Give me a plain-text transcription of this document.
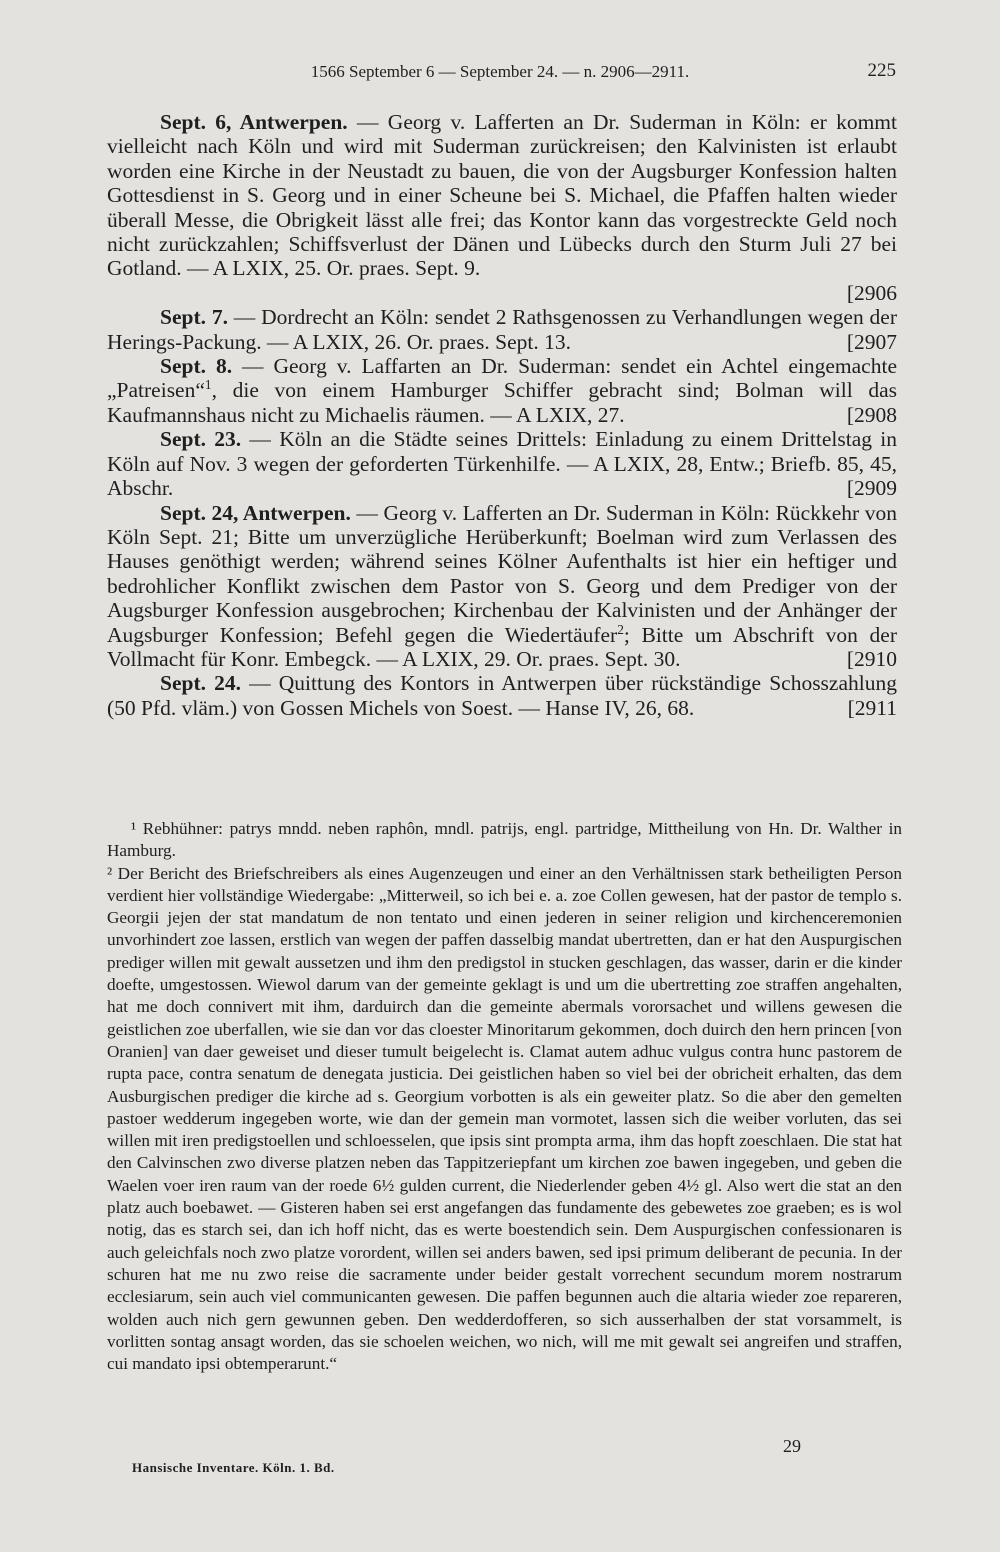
1566 September 6 — September 24. — n. 2906—2911.	225

Sept. 6, Antwerpen. — Georg v. Lafferten an Dr. Suderman in Köln: er kommt vielleicht nach Köln und wird mit Suderman zurückreisen; den Kalvinisten ist erlaubt worden eine Kirche in der Neustadt zu bauen, die von der Augsburger Konfession halten Gottesdienst in S. Georg und in einer Scheune bei S. Michael, die Pfaffen halten wieder überall Messe, die Obrigkeit lässt alle frei; das Kontor kann das vorgestreckte Geld noch nicht zurückzahlen; Schiffsverlust der Dänen und Lübecks durch den Sturm Juli 27 bei Gotland. — A LXIX, 25. Or. praes. Sept. 9.
[2906

Sept. 7. — Dordrecht an Köln: sendet 2 Rathsgenossen zu Verhandlungen wegen der Herings-Packung. — A LXIX, 26. Or. praes. Sept. 13.	[2907

Sept. 8. — Georg v. Laffarten an Dr. Suderman: sendet ein Achtel eingemachte „Patreisen“$^1$, die von einem Hamburger Schiffer gebracht sind; Bolman will das Kaufmannshaus nicht zu Michaelis räumen. — A LXIX, 27.	[2908

Sept. 23. — Köln an die Städte seines Drittels: Einladung zu einem Drittelstag in Köln auf Nov. 3 wegen der geforderten Türkenhilfe. — A LXIX, 28, Entw.; Briefb. 85, 45, Abschr.	[2909

Sept. 24, Antwerpen. — Georg v. Lafferten an Dr. Suderman in Köln: Rückkehr von Köln Sept. 21; Bitte um unverzügliche Herüberkunft; Boelman wird zum Verlassen des Hauses genöthigt werden; während seines Kölner Aufenthalts ist hier ein heftiger und bedrohlicher Konflikt zwischen dem Pastor von S. Georg und dem Prediger von der Augsburger Konfession ausgebrochen; Kirchenbau der Kalvinisten und der Anhänger der Augsburger Konfession; Befehl gegen die Wiedertäufer$^2$; Bitte um Abschrift von der Vollmacht für Konr. Embegck. — A LXIX, 29. Or. praes. Sept. 30.	[2910

Sept. 24. — Quittung des Kontors in Antwerpen über rückständige Schosszahlung (50 Pfd. vläm.) von Gossen Michels von Soest. — Hanse IV, 26, 68.	[2911

¹ Rebhühner: patrys mndd. neben raphôn, mndl. patrijs, engl. partridge, Mittheilung von Hn. Dr. Walther in Hamburg.

² Der Bericht des Briefschreibers als eines Augenzeugen und einer an den Verhältnissen stark betheiligten Person verdient hier vollständige Wiedergabe: „Mitterweil, so ich bei e. a. zoe Collen gewesen, hat der pastor de templo s. Georgii jejen der stat mandatum de non tentato und einen jederen in seiner religion und kirchenceremonien unvorhindert zoe lassen, erstlich van wegen der paffen dasselbig mandat ubertretten, dan er hat den Auspurgischen prediger willen mit gewalt aussetzen und ihm den predigstol in stucken geschlagen, das wasser, darin er die kinder doefte, umgestossen. Wiewol darum van der gemeinte geklagt is und um die ubertretting zoe straffen angehalten, hat me doch connivert mit ihm, darduirch dan die gemeinte abermals vororsachet und willens gewesen die geistlichen zoe uberfallen, wie sie dan vor das cloester Minoritarum gekommen, doch duirch den hern princen [von Oranien] van daer geweiset und dieser tumult beigelecht is. Clamat autem adhuc vulgus contra hunc pastorem de rupta pace, contra senatum de denegata justicia. Dei geistlichen haben so viel bei der obricheit erhalten, das dem Ausburgischen prediger die kirche ad s. Georgium vorbotten is als ein geweiter platz. So die aber den gemelten pastoer wedderum ingegeben worte, wie dan der gemein man vormotet, lassen sich die weiber vorluten, das sei willen mit iren predigstoellen und schloesselen, que ipsis sint prompta arma, ihm das hopft zoeschlaen. Die stat hat den Calvinschen zwo diverse platzen neben das Tappitzeriepfant um kirchen zoe bawen ingegeben, und geben die Waelen voer iren raum van der roede 6½ gulden current, die Niederlender geben 4½ gl. Also wert die stat an den platz auch boebawet. — Gisteren haben sei erst angefangen das fundamente des gebewetes zoe graeben; es is wol notig, das es starch sei, dan ich hoff nicht, das es werte boestendich sein. Dem Auspurgischen confessionaren is auch geleichfals noch zwo platze vorordent, willen sei anders bawen, sed ipsi primum deliberant de pecunia. In der schuren hat me nu zwo reise die sacramente under beider gestalt vorrechent secundum morem nostrarum ecclesiarum, sein auch viel communicanten gewesen. Die paffen begunnen auch die altaria wieder zoe repareren, wolden auch nich gern gewunnen geben. Den wedderdofferen, so sich ausserhalben der stat vorsammelt, is vorlitten sontag ansagt worden, das sie schoelen weichen, wo nich, will me mit gewalt sei angreifen und straffen, cui mandato ipsi obtemperarunt.“

29
Hansische Inventare. Köln. 1. Bd.
